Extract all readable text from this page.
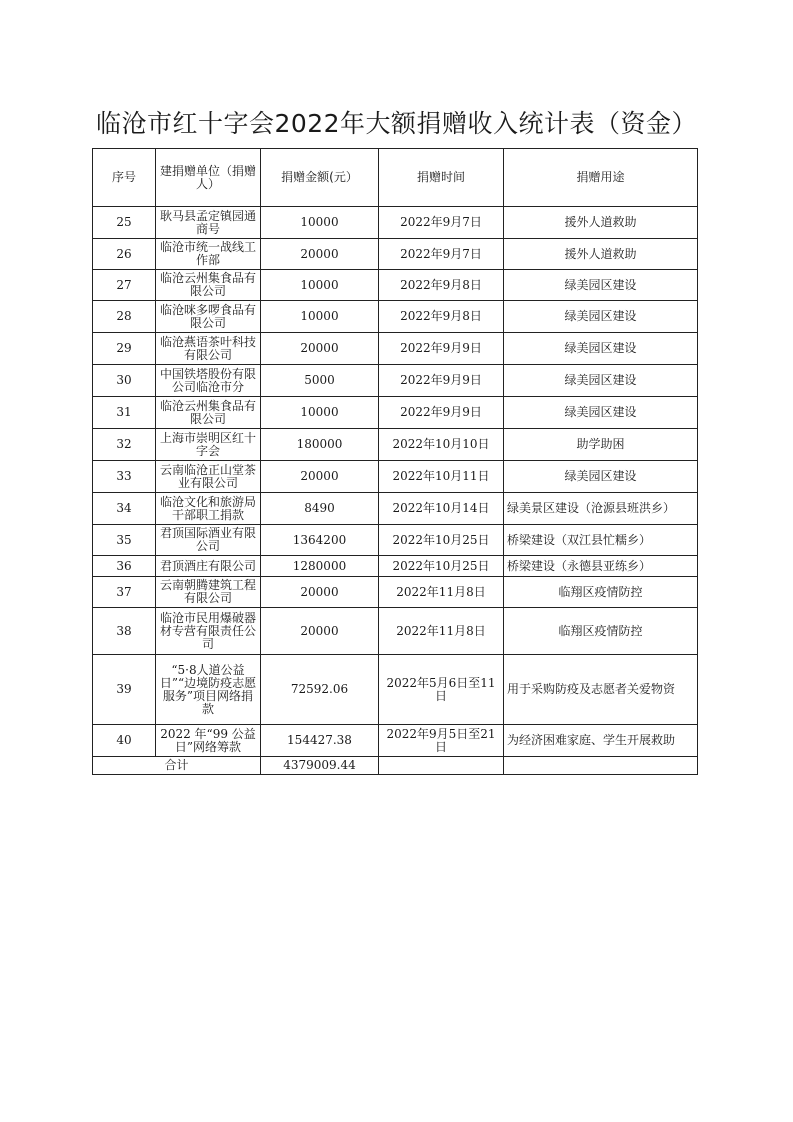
临沧市红十字会2022年大额捐赠收入统计表（资金）
序号	建捐赠单位（捐赠人）	捐赠金额(元）	捐赠时间	捐赠用途
25	耿马县孟定镇园通商号	10000	2022年9月7日	援外人道救助
26	临沧市统一战线工作部	20000	2022年9月7日	援外人道救助
27	临沧云州集食品有限公司	10000	2022年9月8日	绿美园区建设
28	临沧咪多啰食品有限公司	10000	2022年9月8日	绿美园区建设
29	临沧燕语茶叶科技有限公司	20000	2022年9月9日	绿美园区建设
30	中国铁塔股份有限公司临沧市分	5000	2022年9月9日	绿美园区建设
31	临沧云州集食品有限公司	10000	2022年9月9日	绿美园区建设
32	上海市崇明区红十字会	180000	2022年10月10日	助学助困
33	云南临沧正山堂茶业有限公司	20000	2022年10月11日	绿美园区建设
34	临沧文化和旅游局干部职工捐款	8490	2022年10月14日	绿美景区建设（沧源县班洪乡）
35	君顶国际酒业有限公司	1364200	2022年10月25日	桥梁建设（双江县忙糯乡）
36	君顶酒庄有限公司	1280000	2022年10月25日	桥梁建设（永德县亚练乡）
37	云南朝腾建筑工程有限公司	20000	2022年11月8日	临翔区疫情防控
38	临沧市民用爆破器材专营有限责任公司	20000	2022年11月8日	临翔区疫情防控
39	“5·8人道公益日”“边境防疫志愿服务”项目网络捐款	72592.06	2022年5月6日至11日	用于采购防疫及志愿者关爱物资
40	2022 年“99 公益日”网络筹款	154427.38	2022年9月5日至21日	为经济困难家庭、学生开展救助
合计		4379009.44		
